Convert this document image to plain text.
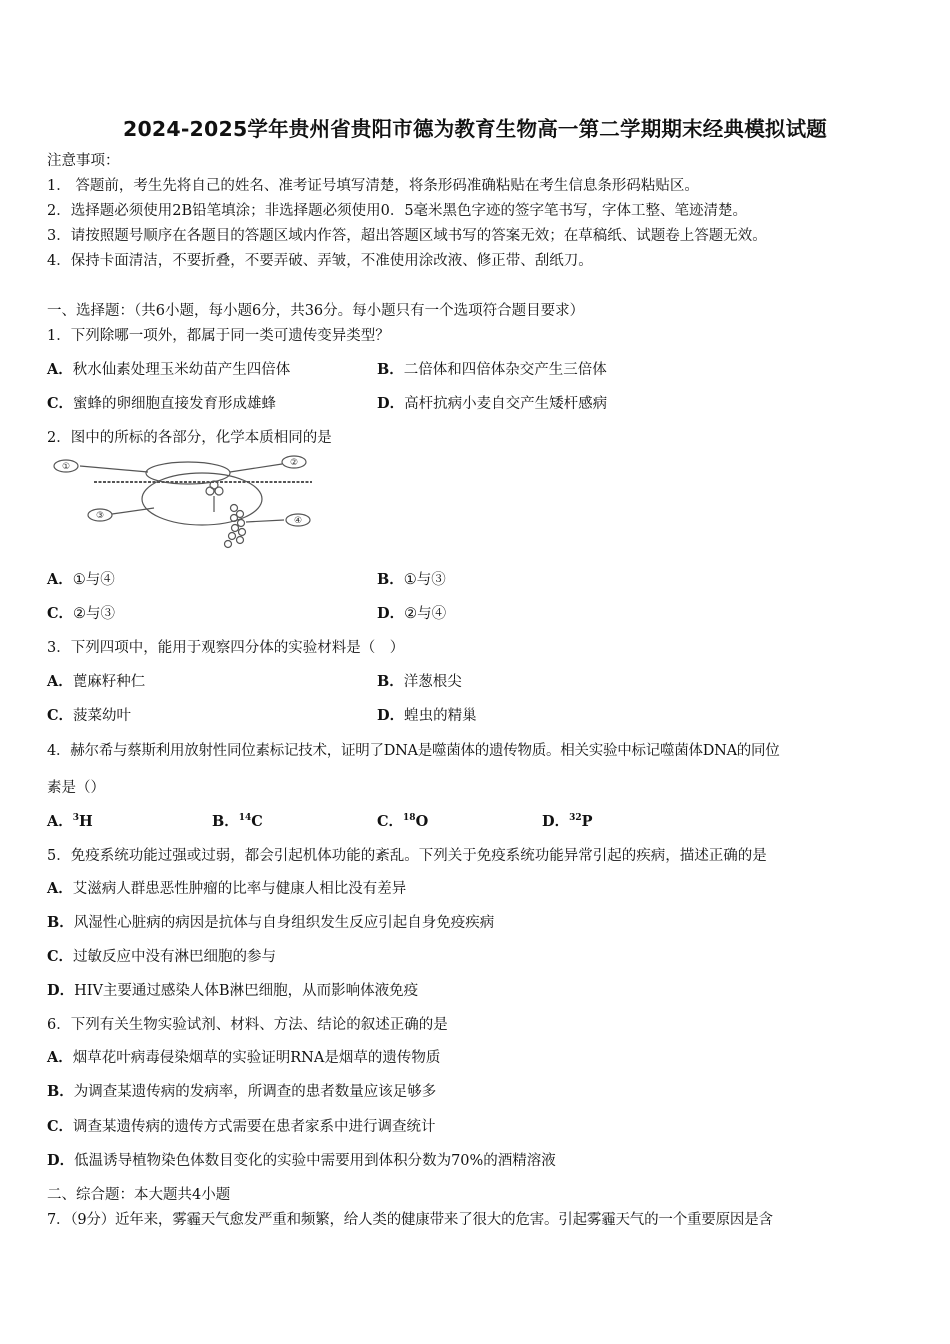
2024-2025学年贵州省贵阳市德为教育生物高一第二学期期末经典模拟试题
注意事项：
1． 答题前，考生先将自己的姓名、准考证号填写清楚，将条形码准确粘贴在考生信息条形码粘贴区。
2．选择题必须使用2B铅笔填涂；非选择题必须使用0．5毫米黑色字迹的签字笔书写，字体工整、笔迹清楚。
3．请按照题号顺序在各题目的答题区域内作答，超出答题区域书写的答案无效；在草稿纸、试题卷上答题无效。
4．保持卡面清洁，不要折叠，不要弄破、弄皱，不准使用涂改液、修正带、刮纸刀。
一、选择题：（共6小题，每小题6分，共36分。每小题只有一个选项符合题目要求）
1．下列除哪一项外，都属于同一类可遗传变异类型？
A．秋水仙素处理玉米幼苗产生四倍体	B．二倍体和四倍体杂交产生三倍体
C．蜜蜂的卵细胞直接发育形成雄蜂	D．高杆抗病小麦自交产生矮杆感病
2．图中的所标的各部分，化学本质相同的是
①	②
③	④
A．①与④	B．①与③
C．②与③	D．②与④
3．下列四项中，能用于观察四分体的实验材料是（　）
A．蓖麻籽种仁	B．洋葱根尖
C．菠菜幼叶	D．蝗虫的精巢
4．赫尔希与蔡斯利用放射性同位素标记技术，证明了DNA是噬菌体的遗传物质。相关实验中标记噬菌体DNA的同位
素是（）
A．$^3$H	B．$^{14}$C	C．$^{18}$O	D．$^{32}$P
5．免疫系统功能过强或过弱，都会引起机体功能的紊乱。下列关于免疫系统功能异常引起的疾病，描述正确的是
A．艾滋病人群患恶性肿瘤的比率与健康人相比没有差异
B．风湿性心脏病的病因是抗体与自身组织发生反应引起自身免疫疾病
C．过敏反应中没有淋巴细胞的参与
D．HIV主要通过感染人体B淋巴细胞，从而影响体液免疫
6．下列有关生物实验试剂、材料、方法、结论的叙述正确的是
A．烟草花叶病毒侵染烟草的实验证明RNA是烟草的遗传物质
B．为调查某遗传病的发病率，所调查的患者数量应该足够多
C．调查某遗传病的遗传方式需要在患者家系中进行调查统计
D．低温诱导植物染色体数目变化的实验中需要用到体积分数为70%的酒精溶液
二、综合题：本大题共4小题
7．（9分）近年来，雾霾天气愈发严重和频繁，给人类的健康带来了很大的危害。引起雾霾天气的一个重要原因是含
